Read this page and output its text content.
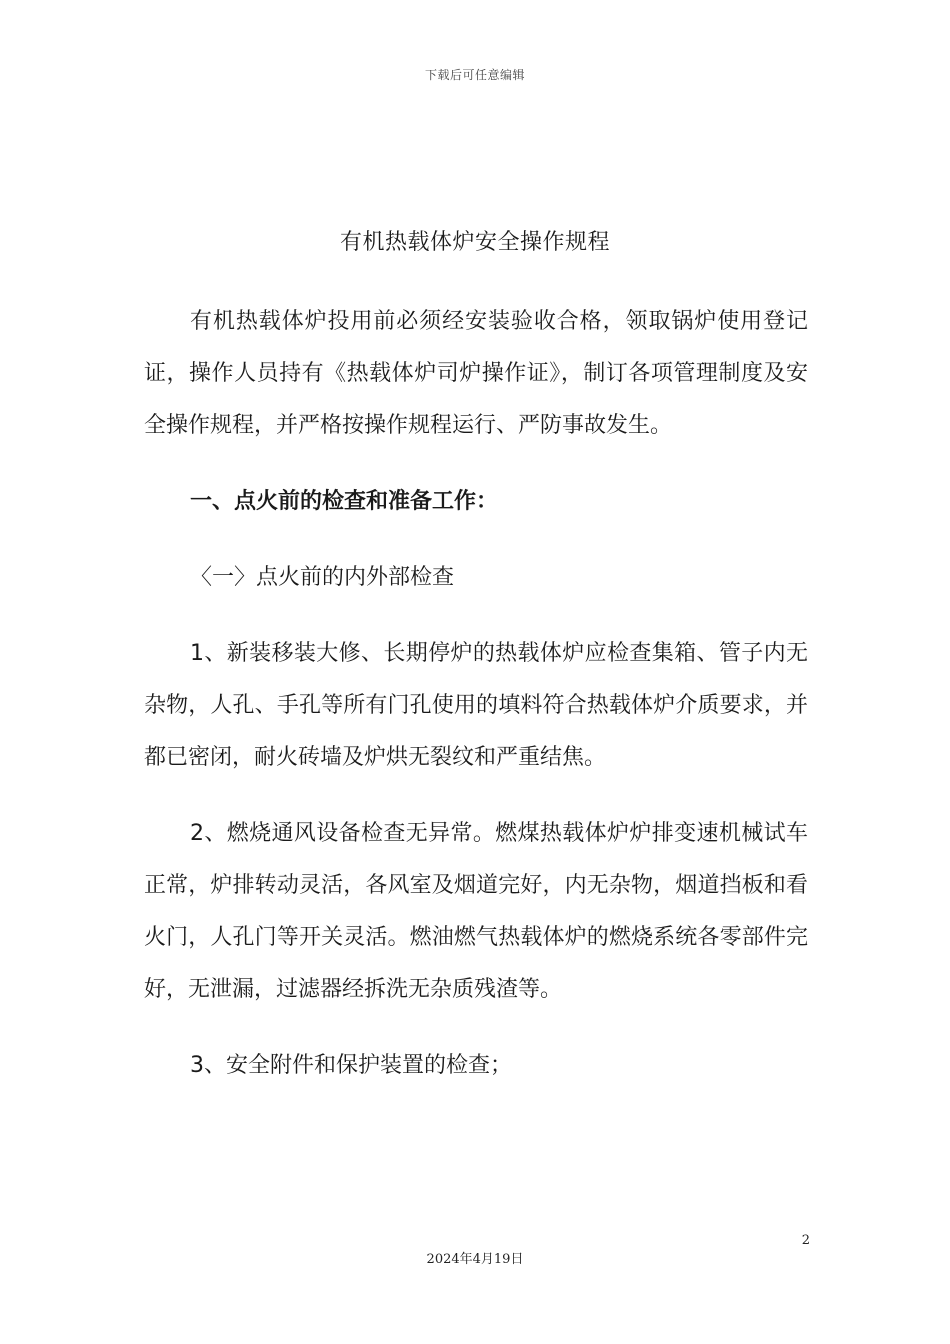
下载后可任意编辑
有机热载体炉安全操作规程

有机热载体炉投用前必须经安装验收合格，领取锅炉使用登记证，操作人员持有《热载体炉司炉操作证》，制订各项管理制度及安全操作规程，并严格按操作规程运行、严防事故发生。

一、点火前的检查和准备工作：

〈一〉点火前的内外部检查

1、新装移装大修、长期停炉的热载体炉应检查集箱、管子内无杂物，人孔、手孔等所有门孔使用的填料符合热载体炉介质要求，并都已密闭，耐火砖墙及炉烘无裂纹和严重结焦。

2、燃烧通风设备检查无异常。燃煤热载体炉炉排变速机械试车正常，炉排转动灵活，各风室及烟道完好，内无杂物，烟道挡板和看火门，人孔门等开关灵活。燃油燃气热载体炉的燃烧系统各零部件完好，无泄漏，过滤器经拆洗无杂质残渣等。

3、安全附件和保护装置的检查；

2
2024年4月19日
